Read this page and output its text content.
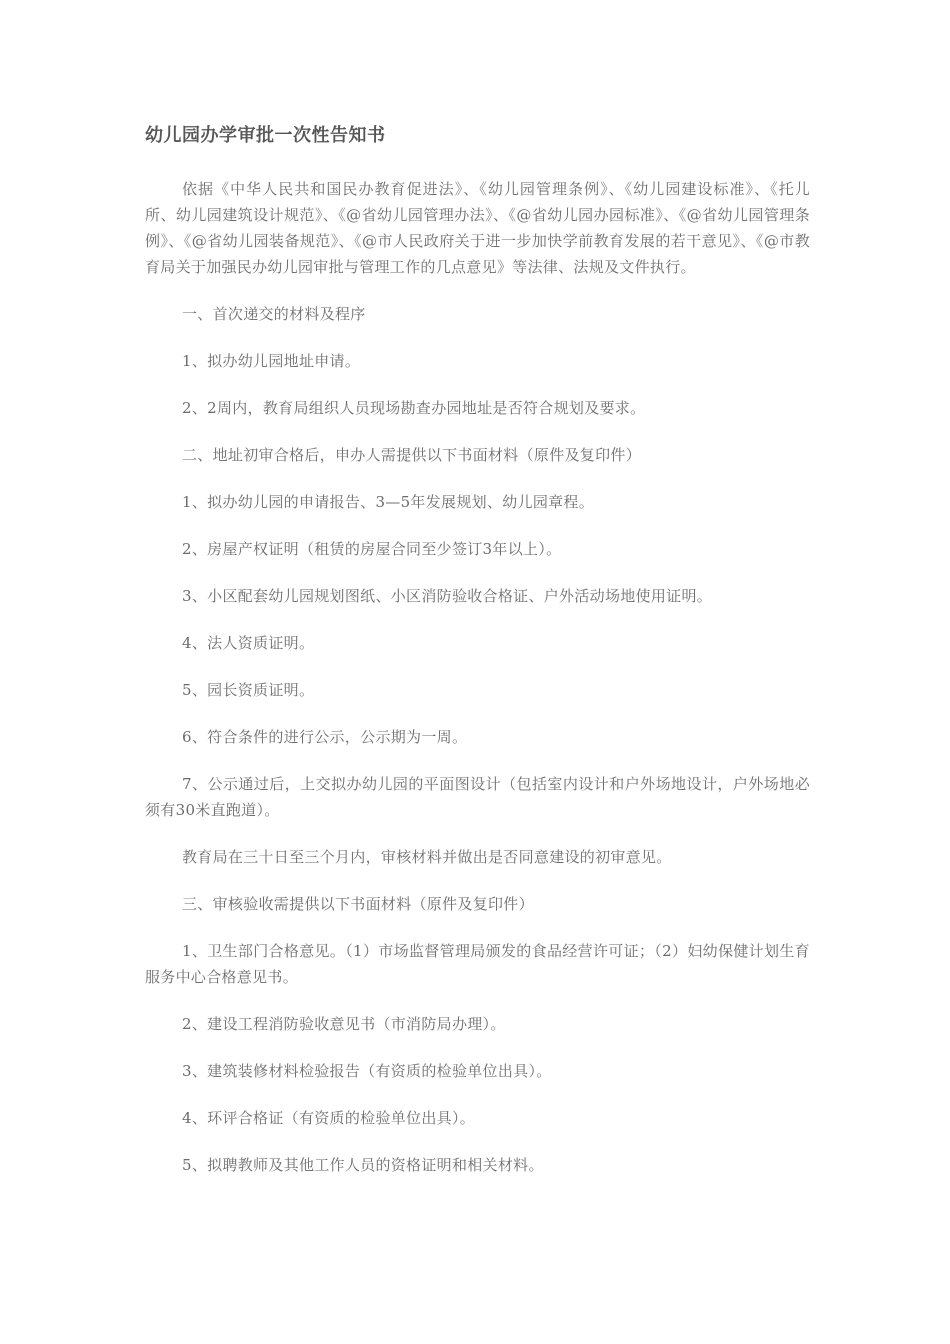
幼儿园办学审批一次性告知书

依据《中华人民共和国民办教育促进法》、《幼儿园管理条例》、《幼儿园建设标准》、《托儿所、幼儿园建筑设计规范》、《@省幼儿园管理办法》、《@省幼儿园办园标准》、《@省幼儿园管理条例》、《@省幼儿园装备规范》、《@市人民政府关于进一步加快学前教育发展的若干意见》、《@市教育局关于加强民办幼儿园审批与管理工作的几点意见》等法律、法规及文件执行。

一、首次递交的材料及程序

1、拟办幼儿园地址申请。

2、2周内，教育局组织人员现场勘查办园地址是否符合规划及要求。

二、地址初审合格后，申办人需提供以下书面材料（原件及复印件）

1、拟办幼儿园的申请报告、3—5年发展规划、幼儿园章程。

2、房屋产权证明（租赁的房屋合同至少签订3年以上）。

3、小区配套幼儿园规划图纸、小区消防验收合格证、户外活动场地使用证明。

4、法人资质证明。

5、园长资质证明。

6、符合条件的进行公示，公示期为一周。

7、公示通过后，上交拟办幼儿园的平面图设计（包括室内设计和户外场地设计，户外场地必须有30米直跑道）。

教育局在三十日至三个月内，审核材料并做出是否同意建设的初审意见。

三、审核验收需提供以下书面材料（原件及复印件）

1、卫生部门合格意见。（1）市场监督管理局颁发的食品经营许可证；（2）妇幼保健计划生育服务中心合格意见书。

2、建设工程消防验收意见书（市消防局办理）。

3、建筑装修材料检验报告（有资质的检验单位出具）。

4、环评合格证（有资质的检验单位出具）。

5、拟聘教师及其他工作人员的资格证明和相关材料。
